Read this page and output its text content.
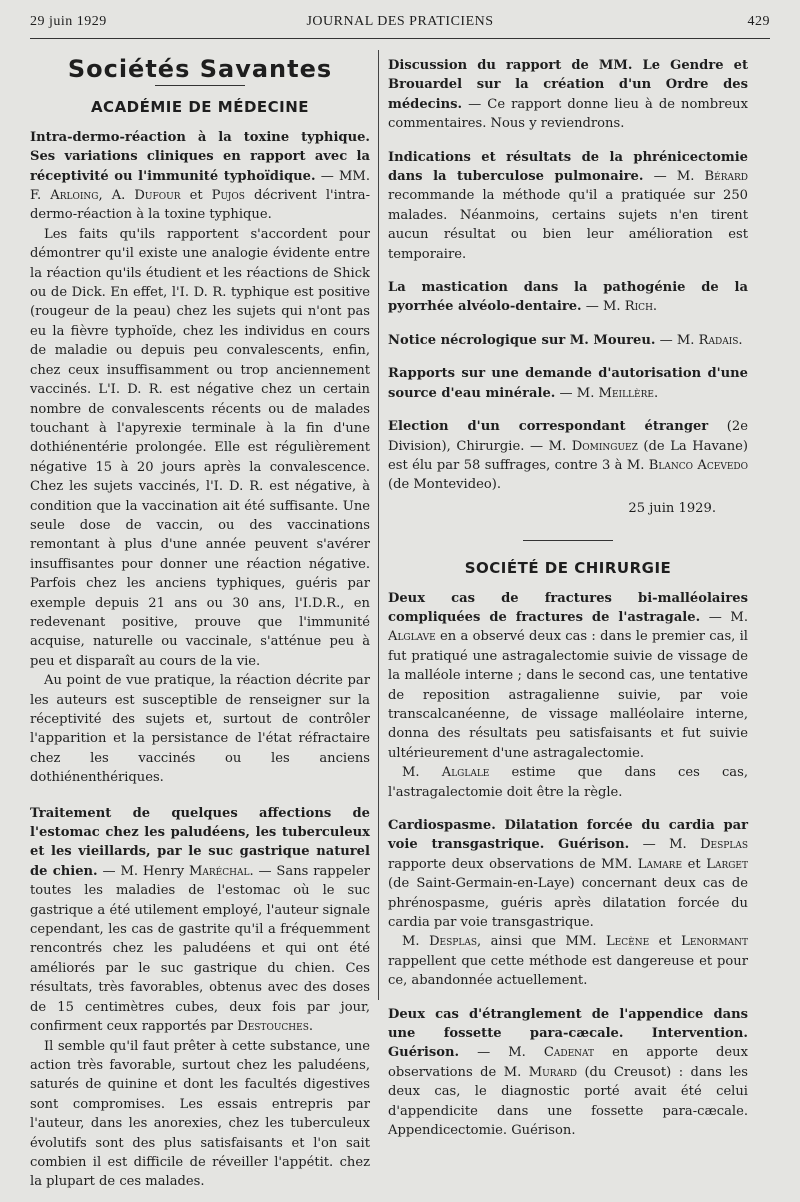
29 juin 1929	JOURNAL DES PRATICIENS	429
Sociétés Savantes
ACADÉMIE DE MÉDECINE

Intra-dermo-réaction à la toxine typhique. Ses variations cliniques en rapport avec la réceptivité ou l'immunité typhoïdique. — MM. F. Arloing, A. Dufour et Pujos décrivent l'intra-dermo-réaction à la toxine typhique.

Les faits qu'ils rapportent s'accordent pour démontrer qu'il existe une analogie évidente entre la réaction qu'ils étudient et les réactions de Shick ou de Dick. En effet, l'I. D. R. typhique est positive (rougeur de la peau) chez les sujets qui n'ont pas eu la fièvre typhoïde, chez les individus en cours de maladie ou depuis peu convalescents, enfin, chez ceux insuffisamment ou trop anciennement vaccinés. L'I. D. R. est négative chez un certain nombre de convalescents récents ou de malades touchant à l'apyrexie terminale à la fin d'une dothiénentérie prolongée. Elle est régulièrement négative 15 à 20 jours après la convalescence. Chez les sujets vaccinés, l'I. D. R. est négative, à condition que la vaccination ait été suffisante. Une seule dose de vaccin, ou des vaccinations remontant à plus d'une année peuvent s'avérer insuffisantes pour donner une réaction négative. Parfois chez les anciens typhiques, guéris par exemple depuis 21 ans ou 30 ans, l'I.D.R., en redevenant positive, prouve que l'immunité acquise, naturelle ou vaccinale, s'atténue peu à peu et disparaît au cours de la vie.

Au point de vue pratique, la réaction décrite par les auteurs est susceptible de renseigner sur la réceptivité des sujets et, surtout de contrôler l'apparition et la persistance de l'état réfractaire chez les vaccinés ou les anciens dothiénenthériques.

Traitement de quelques affections de l'estomac chez les paludéens, les tuberculeux et les vieillards, par le suc gastrique naturel de chien. — M. Henry Maréchal. — Sans rappeler toutes les maladies de l'estomac où le suc gastrique a été utilement employé, l'auteur signale cependant, les cas de gastrite qu'il a fréquemment rencontrés chez les paludéens et qui ont été améliorés par le suc gastrique du chien. Ces résultats, très favorables, obtenus avec des doses de 15 centimètres cubes, deux fois par jour, confirment ceux rapportés par Destouches.

Il semble qu'il faut prêter à cette substance, une action très favorable, surtout chez les paludéens, saturés de quinine et dont les facultés digestives sont compromises. Les essais entrepris par l'auteur, dans les anorexies, chez les tuberculeux évolutifs sont des plus satisfaisants et l'on sait combien il est difficile de réveiller l'appétit. chez la plupart de ces malades.

Discussion du rapport de MM. Le Gendre et Brouardel sur la création d'un Ordre des médecins. — Ce rapport donne lieu à de nombreux commentaires. Nous y reviendrons.

Indications et résultats de la phrénicectomie dans la tuberculose pulmonaire. — M. Bérard recommande la méthode qu'il a pratiquée sur 250 malades. Néanmoins, certains sujets n'en tirent aucun résultat ou bien leur amélioration est temporaire.

La mastication dans la pathogénie de la pyorrhée alvéolo-dentaire. — M. Rich.

Notice nécrologique sur M. Moureu. — M. Radais.

Rapports sur une demande d'autorisation d'une source d'eau minérale. — M. Meillère.

Election d'un correspondant étranger (2e Division), Chirurgie. — M. Dominguez (de La Havane) est élu par 58 suffrages, contre 3 à M. Blanco Acevedo (de Montevideo).

25 juin 1929.
SOCIÉTÉ DE CHIRURGIE

Deux cas de fractures bi-malléolaires compliquées de fractures de l'astragale. — M. Alglave en a observé deux cas : dans le premier cas, il fut pratiqué une astragalectomie suivie de vissage de la malléole interne ; dans le second cas, une tentative de reposition astragalienne suivie, par voie transcalcanéenne, de vissage malléolaire interne, donna des résultats peu satisfaisants et fut suivie ultérieurement d'une astragalectomie.

M. Alglale estime que dans ces cas, l'astragalectomie doit être la règle.

Cardiospasme. Dilatation forcée du cardia par voie transgastrique. Guérison. — M. Desplas rapporte deux observations de MM. Lamare et Larget (de Saint-Germain-en-Laye) concernant deux cas de phrénospasme, guéris après dilatation forcée du cardia par voie transgastrique.

M. Desplas, ainsi que MM. Lecène et Lenormant rappellent que cette méthode est dangereuse et pour ce, abandonnée actuellement.

Deux cas d'étranglement de l'appendice dans une fossette para-cæcale. Intervention. Guérison. — M. Cadenat en apporte deux observations de M. Murard (du Creusot) : dans les deux cas, le diagnostic porté avait été celui d'appendicite dans une fossette para-cæcale. Appendicectomie. Guérison.
